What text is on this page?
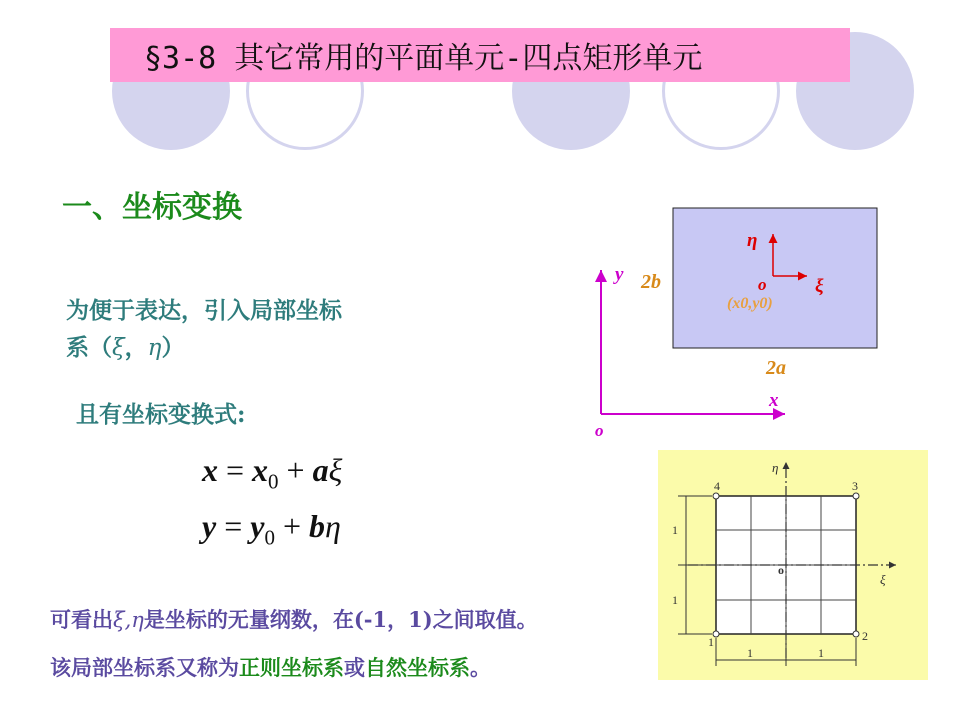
§3-8 其它常用的平面单元-四点矩形单元
一、坐标变换
为便于表达，引入局部坐标
系（ξ，η）
且有坐标变换式:
$x = x_0 + a\xi$
$y = y_0 + b\eta$
可看出ξ,η是坐标的无量纲数，在(-1，1)之间取值。
该局部坐标系又称为正则坐标系或自然坐标系。
y
x
o
2b
2a
η
ξ
o
(x0,y0)
η
ξ
o
1	2
3
4
1	1
1
1
